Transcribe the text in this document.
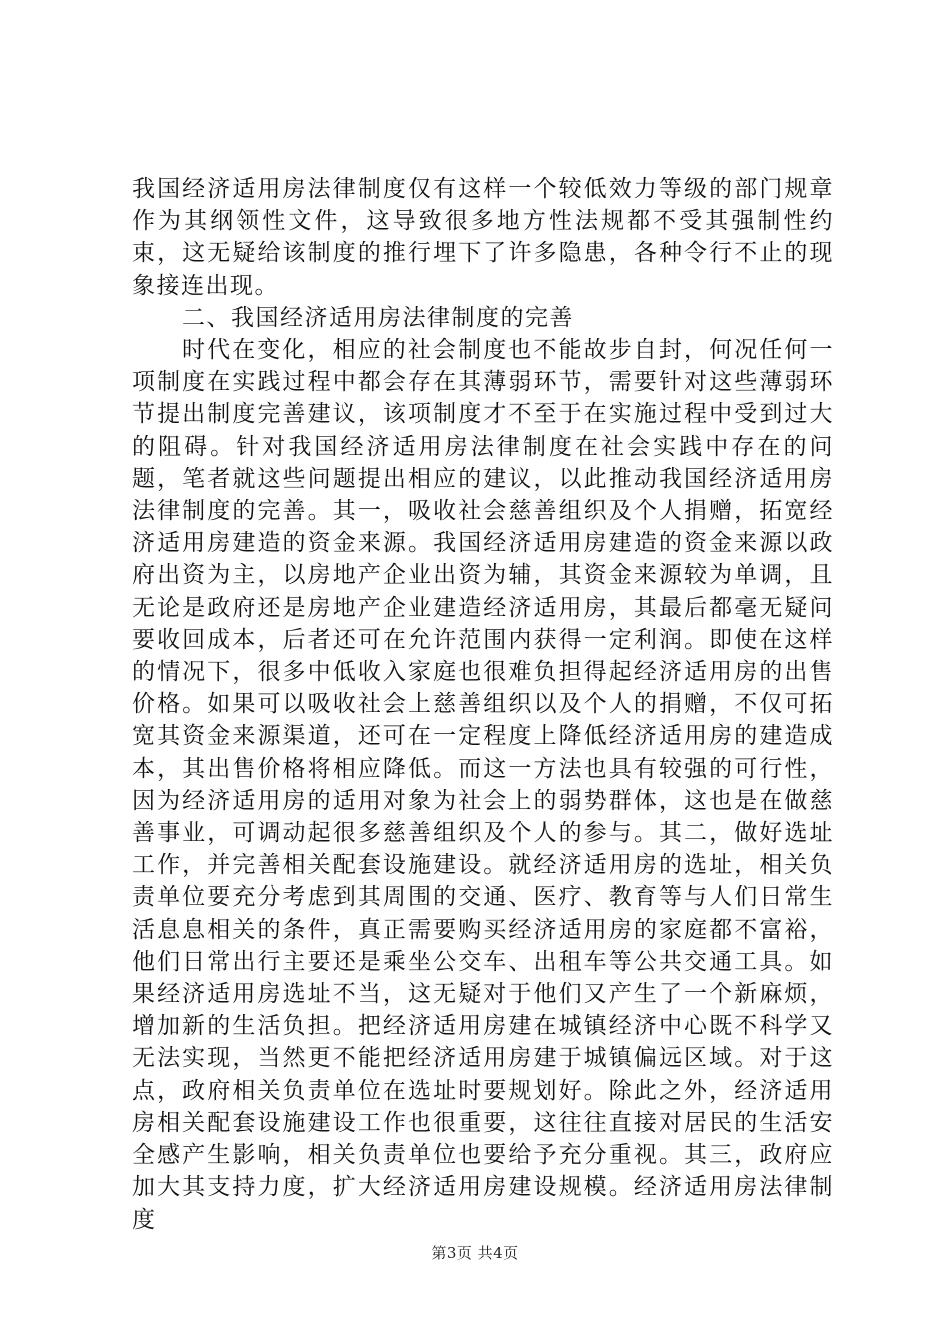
我国经济适用房法律制度仅有这样一个较低效力等级的部门规章作为其纲领性文件，这导致很多地方性法规都不受其强制性约束，这无疑给该制度的推行埋下了许多隐患，各种令行不止的现象接连出现。

二、我国经济适用房法律制度的完善

时代在变化，相应的社会制度也不能故步自封，何况任何一项制度在实践过程中都会存在其薄弱环节，需要针对这些薄弱环节提出制度完善建议，该项制度才不至于在实施过程中受到过大的阻碍。针对我国经济适用房法律制度在社会实践中存在的问题，笔者就这些问题提出相应的建议，以此推动我国经济适用房法律制度的完善。其一，吸收社会慈善组织及个人捐赠，拓宽经济适用房建造的资金来源。我国经济适用房建造的资金来源以政府出资为主，以房地产企业出资为辅，其资金来源较为单调，且无论是政府还是房地产企业建造经济适用房，其最后都毫无疑问要收回成本，后者还可在允许范围内获得一定利润。即使在这样的情况下，很多中低收入家庭也很难负担得起经济适用房的出售价格。如果可以吸收社会上慈善组织以及个人的捐赠，不仅可拓宽其资金来源渠道，还可在一定程度上降低经济适用房的建造成本，其出售价格将相应降低。而这一方法也具有较强的可行性，因为经济适用房的适用对象为社会上的弱势群体，这也是在做慈善事业，可调动起很多慈善组织及个人的参与。其二，做好选址工作，并完善相关配套设施建设。就经济适用房的选址，相关负责单位要充分考虑到其周围的交通、医疗、教育等与人们日常生活息息相关的条件，真正需要购买经济适用房的家庭都不富裕，他们日常出行主要还是乘坐公交车、出租车等公共交通工具。如果经济适用房选址不当，这无疑对于他们又产生了一个新麻烦，增加新的生活负担。把经济适用房建在城镇经济中心既不科学又无法实现，当然更不能把经济适用房建于城镇偏远区域。对于这点，政府相关负责单位在选址时要规划好。除此之外，经济适用房相关配套设施建设工作也很重要，这往往直接对居民的生活安全感产生影响，相关负责单位也要给予充分重视。其三，政府应加大其支持力度，扩大经济适用房建设规模。经济适用房法律制度

第3页 共4页
